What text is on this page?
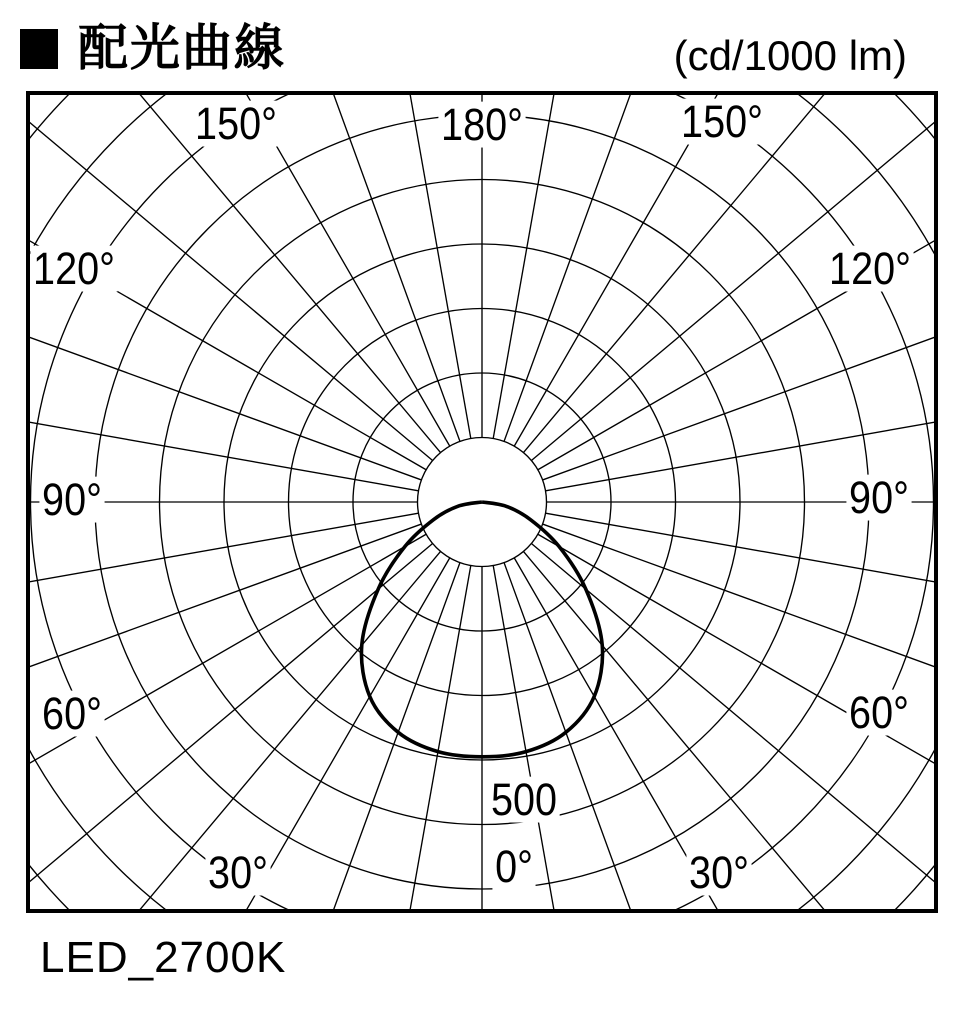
配光曲線	(cd/1000 lm)
180°
150°	150°
120°	120°
90°	90°
60°	60°
30°	30°
0°
500
LED_2700K
